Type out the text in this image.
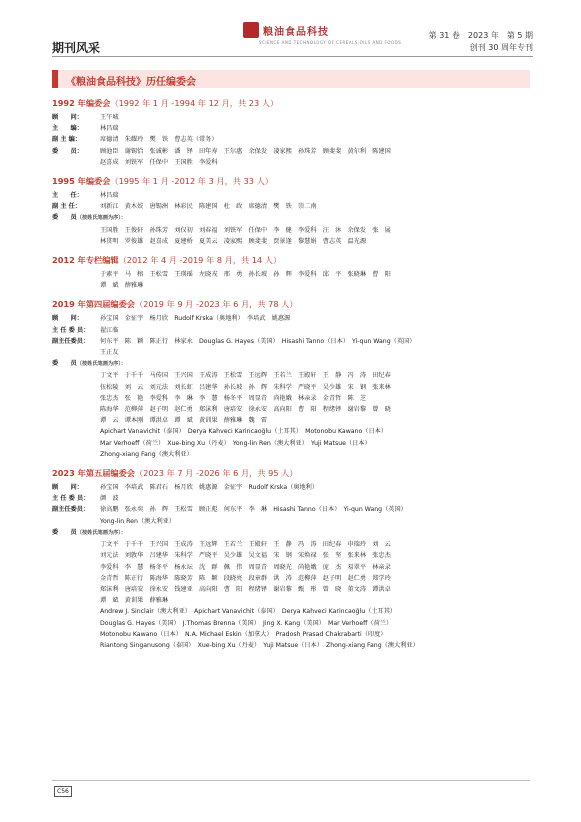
期刊风采
粮油食品科技
SCIENCE AND TECHNOLOGY OF CEREALS,OILS AND FOODS
第 31 卷　2023 年　第 5 期
创刊 30 周年专刊
《粮油食品科技》历任编委会
1992 年编委会（1992 年 1 月 -1994 年 12 月，共 23 人）
顾　　问：	王午城
主　　编：	林昌瑞
副 主 编：	席德清　朱耀玲　樊　铁　曹志英（常务）
委　　员：	顾池臣　谢锡恰　张诚彬　潘　铎　田年寿　王尔惠　余保发　凌家熙　孙珠芳　顾斐斐　黄尔利　陈建国
赵喜成　刘铁军　任保中　王国胜　李爱科
1995 年编委会（1995 年 1 月 -2012 年 3 月，共 33 人）
主　　任：	林昌瑞
副 主 任：	刘新江　黄木姣　唐锡洲　林彩民　陈建国　杜　政　席德清　樊　铁　崇二南
委　　员（按姓氏笔画为序）：
王国胜　王俊轩　孙珠芳　刘仅初　刘春福　刘铁军　任保中　李　健　李爱科　汪　沐　余保发　张　展
林贯明　罗俊雄　赵喜成　夏建桥　夏美云　凌家熙　顾斐斐　贾景逢　黎慧娟　曹志英　温光源
2012 年专栏编辑（2012 年 4 月 -2019 年 8 月，共 14 人）
于素平　马　榕　王松雪　王瑛瑶　左晓戎　邢　勇　孙长坡　孙　辉　李爱科　邱　平　张晓琳　曹　阳
谭　斌　薛雅琳
2019 年第四届编委会（2019 年 9 月 -2023 年 6 月，共 78 人）
顾　　问：	孙宝国　金征宇　杨月欣　Rudolf Krska（奥地利）　李培武　姚惠源
主 任 委 员：	翟江临
副主任委员：	何东平　陈　颖　陈正行　林家永　Douglas G. Hayes（美国）　Hisashi Tanno（日本）　Yi-qun Wang（英国）
王正友
委　　员（按姓氏笔画为序）：
丁文平　于千千　马传国　王兴国　王成涛　王松雪　王远辉　王若兰　王殿轩　王　静　冯　涛　田纪春
伍松陵　刘　云　刘元法　刘长虹　吕建华　孙长坡　孙　辉　朱科学　严晓平　吴少雄　宋　钢　张来林
张忠杰　张　艳　李爱科　李　琳　李　慧　杨冬平　周显青　尚艳娥　林亲录　金青哲　陈　芝
陈海华　范柳萍　赵子明　赵仁勇　郑沫利　唐培安　徐永安　高向阳　曹　阳　程绪铎　谢岩黎　曾　晓
谭　云　谭本刚　谭洪卓　谭　斌　黄训果　薛雅琳　魏　雷
Apichart Vanavichit（泰国）　Derya Kahveci Karincaoğlu（土耳其）　Motonobu Kawano（日本）
Mar Verhoeff（荷兰）　Xue-bing Xu（丹麦）　Yong-lin Ren（澳大利亚）　Yuji Matsue（日本）
Zhong-xiang Fang（澳大利亚）
2023 年第五届编委会（2023 年 7 月 -2026 年 6 月，共 95 人）
顾　　问：	孙宝国　李培武　陈君石　杨月欣　姚惠源　金征宇　Rudolf Krska（奥地利）
主 任 委 员：	颜　波
副主任委员：	徐高鹏　张永奕　孙　辉　王松雪　顾正彪　何东平　李　琳　Hisashi Tanno（日本）　Yi-qun Wang（英国）
Yong-lin Ren（澳大利亚）
委　　员（按姓氏笔画为序）：
丁文平　于千千　王兴国　王成涛　王远辉　王若兰　王殿轩　王　静　冯　涛　田纪春　申瑞玲　刘　云
刘元法　刘敦华　吕建华　朱科学　严晓平　吴少雄　吴文福　宋　钢　宋焕禄　张　坚　张来林　张忠杰
李爱科　李　慧　杨冬平　杨永坛　沈　群　佩　伟　周显青　周晓光　尚艳娥　庞　杰　易翠平　林亲录
金青哲　陈正行　陈海华　陈晓芳　陈　颖　段晓亮　段章群　洪　涛　范柳萍　赵子明　赵仁勇　郑学玲
郑沫利　唐培安　徐永安　钱建亚　高向阳　曹　阳　程绪铎　谢岩黎　甄　彤　曾　晓　董文涛　谭洪卓
谭　斌　黄训果　薛雅琳
Andrew J. Sinclair（澳大利亚）　Apichart Vanavichit（泰国）　Derya Kahveci Karincaoğlu（土耳其）
Douglas G. Hayes（美国）　J.Thomas Brenna（美国）　Jing X. Kang（美国）　Mar Verhoeff（荷兰）
Motonobu Kawano（日本）　N.A. Michael Eskin（加拿大）　Pradosh Prasad Chakrabarti（印度）
Riantong Singanusong（泰国）　Xue-bing Xu（丹麦）　Yuji Matsue（日本）　Zhong-xiang Fang（澳大利亚）
C56
